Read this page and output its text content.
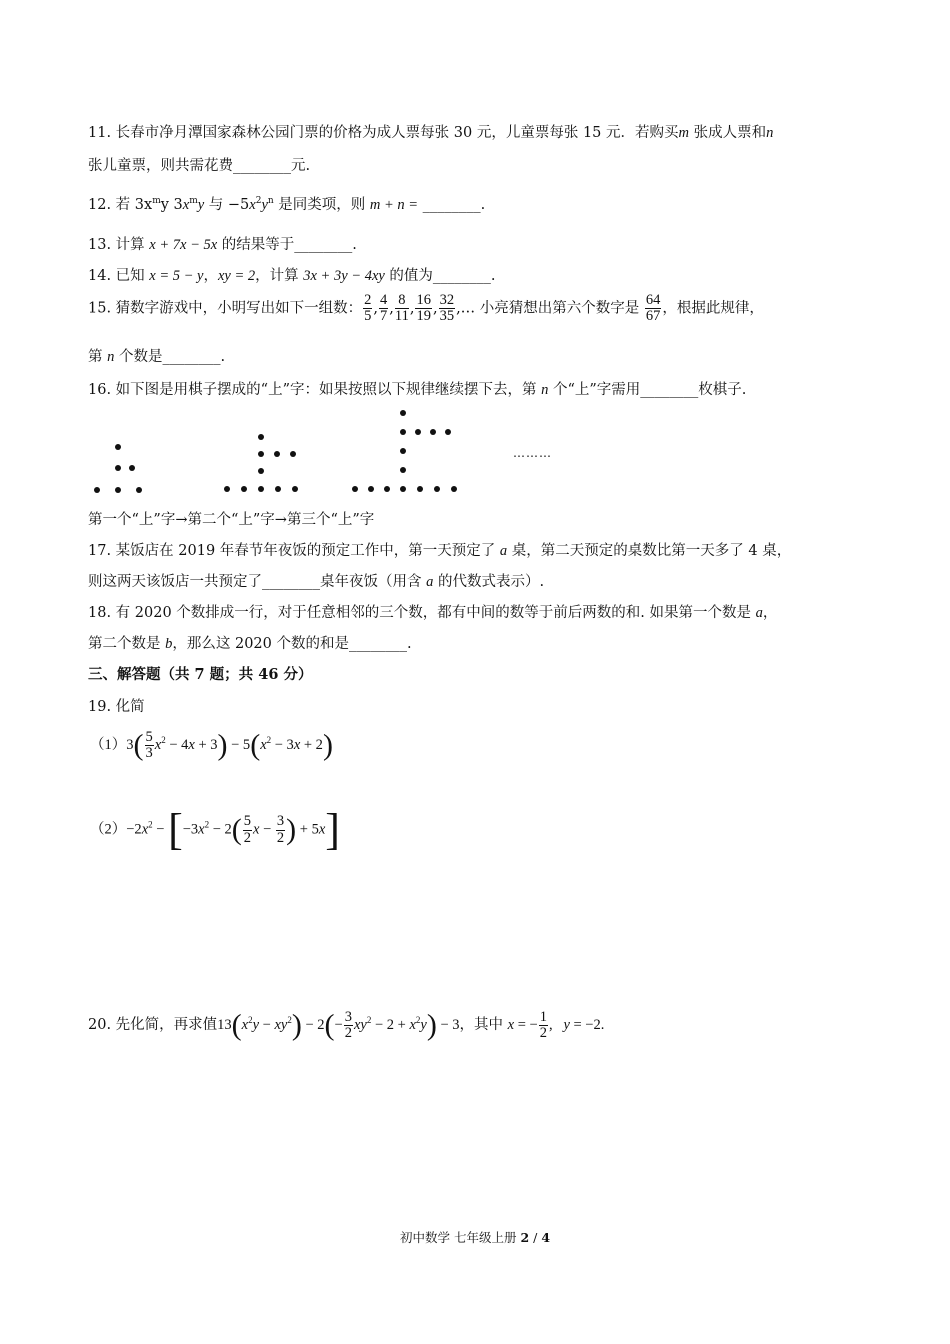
11. 长春市净月潭国家森林公园门票的价格为成人票每张 30 元，儿童票每张 15 元．若购买m 张成人票和n
张儿童票，则共需花费________元.
12. 若 $3x^my$ $3x^my$ 与 $-5x^2y^n$ 是同类项，则 m + n = ________.
13. 计算 x + 7x − 5x 的结果等于________.
14. 已知 x = 5 − y，xy = 2，计算 3x + 3y − 4xy 的值为________.
15. 猜数字游戏中，小明写出如下一组数： $\frac{2}{5}$ , $\frac{4}{7}$ , $\frac{8}{11}$ , $\frac{16}{19}$ , $\frac{32}{35}$ ,… 小亮猜想出第六个数字是 $\frac{64}{67}$ ，根据此规律，
第 n 个数是________.
16. 如下图是用棋子摆成的“上”字：如果按照以下规律继续摆下去，第 n 个“上”字需用________枚棋子.
………
第一个“上”字→第二个“上”字→第三个“上”字
17. 某饭店在 2019 年春节年夜饭的预定工作中，第一天预定了 a 桌，第二天预定的桌数比第一天多了 4 桌，
则这两天该饭店一共预定了________桌年夜饭（用含 a 的代数式表示）.
18. 有 2020 个数排成一行，对于任意相邻的三个数，都有中间的数等于前后两数的和. 如果第一个数是 a，
第二个数是 b，那么这 2020 个数的和是________.
三、解答题（共 7 题；共 46 分）
19. 化简
$(1)3( \frac{5}{3} x^2 - 4x + 3) - 5(x^2 - 3x + 2)$
$(2)-2x^2 - [-3x^2 - 2( \frac{5}{2}$ $x - \frac{3}{2}$ ) + 5x]
20. 先化简，再求值$13(x^2y - xy^2) - 2(- \frac{3}{2} xy^2 - 2 + x^2y) - 3$，其中 x = − $\frac{1}{2}$ ,   y = −2.
初中数学 七年级上册 2 / 4
